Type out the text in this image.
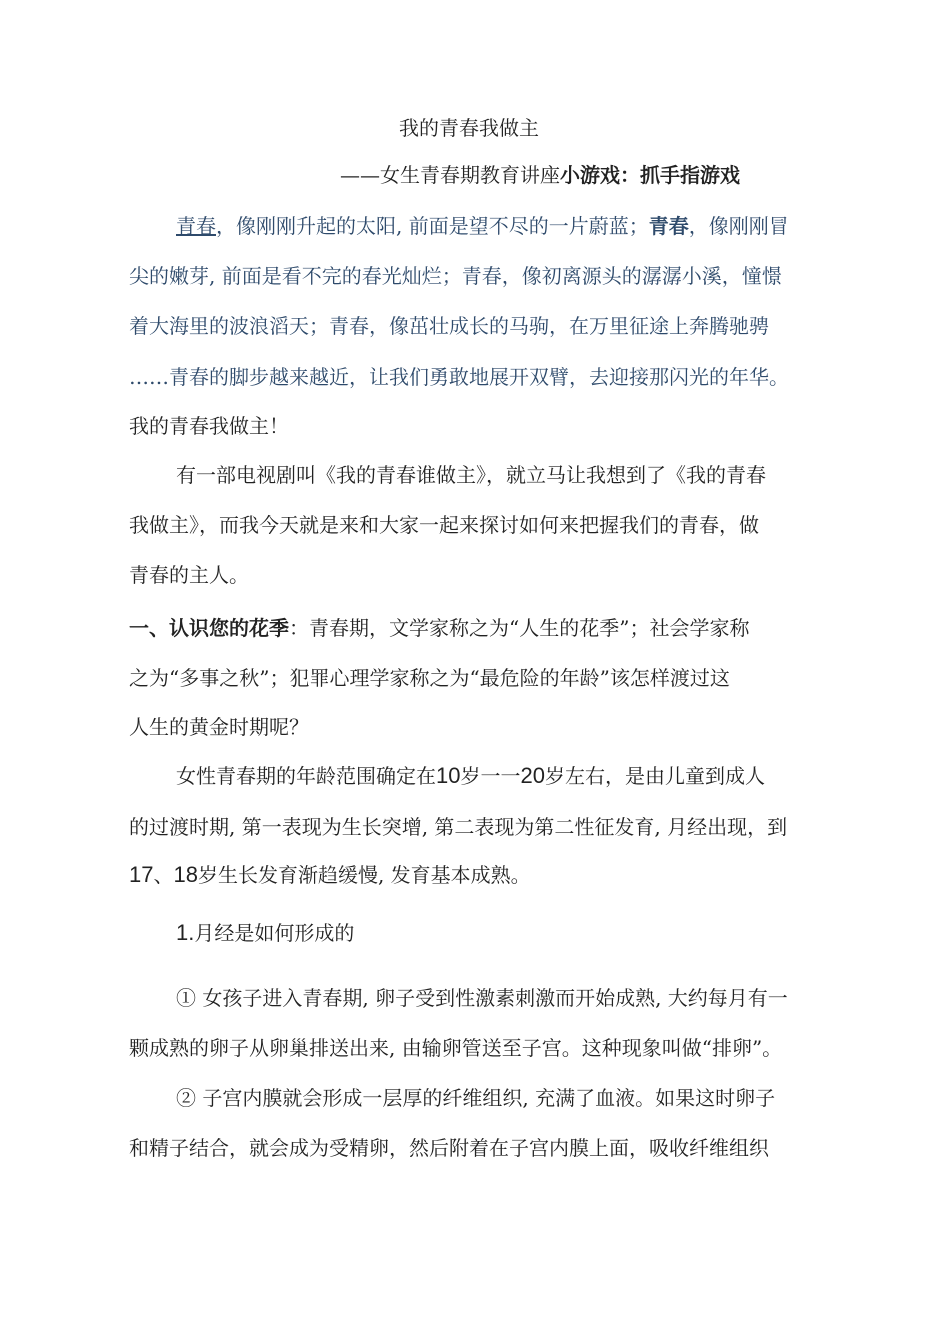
我的青春我做主
——女生青春期教育讲座小游戏：抓手指游戏
青春，像刚刚升起的太阳, 前面是望不尽的一片蔚蓝；青春，像刚刚冒
尖的嫩芽, 前面是看不完的春光灿烂；青春，像初离源头的潺潺小溪，憧憬
着大海里的波浪滔天；青春，像茁壮成长的马驹，在万里征途上奔腾驰骋
……青春的脚步越来越近，让我们勇敢地展开双臂，去迎接那闪光的年华。
我的青春我做主！
有一部电视剧叫《我的青春谁做主》，就立马让我想到了《我的青春
我做主》，而我今天就是来和大家一起来探讨如何来把握我们的青春，做
青春的主人。
一、认识您的花季：青春期，文学家称之为“人生的花季”；社会学家称
之为“多事之秋”；犯罪心理学家称之为“最危险的年龄”该怎样渡过这
人生的黄金时期呢？
女性青春期的年龄范围确定在10岁一一20岁左右，是由儿童到成人
的过渡时期, 第一表现为生长突增, 第二表现为第二性征发育, 月经出现，到
17、18岁生长发育渐趋缓慢, 发育基本成熟。
1.月经是如何形成的
① 女孩子进入青春期, 卵子受到性激素刺激而开始成熟, 大约每月有一
颗成熟的卵子从卵巢排送出来, 由输卵管送至子宫。这种现象叫做“排卵”。
② 子宫内膜就会形成一层厚的纤维组织, 充满了血液。如果这时卵子
和精子结合，就会成为受精卵，然后附着在子宫内膜上面，吸收纤维组织
